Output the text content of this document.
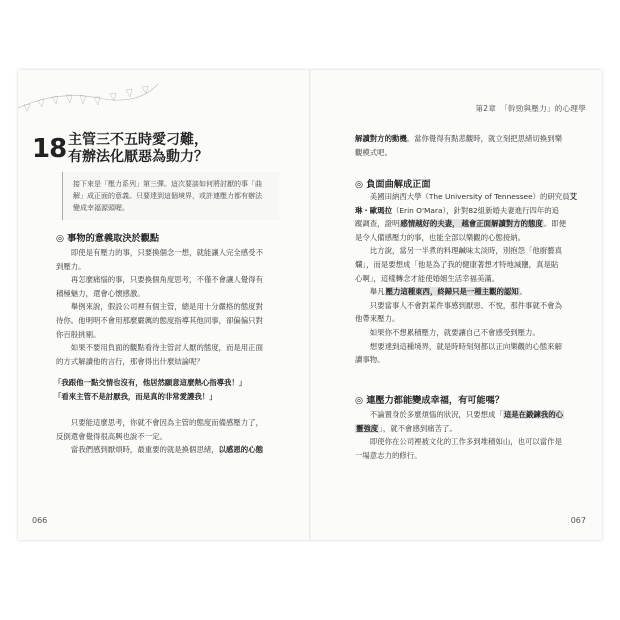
18 主管三不五時愛刁難，
有辦法化厭惡為動力？
接下來是「壓力系列」第三彈。這次要談如何將討厭的事「曲
解」成正面的意義。只要達到這個境界，或許連壓力都有辦法
變成幸福源頭喔。
◎ 事物的意義取決於觀點

即使是有壓力的事，只要換個念一想，就能讓人完全感受不

到壓力。

再怎麼痛惱的事，只要換個角度思考，不僅不會讓人覺得有

積極魅力，還會心懷感激。

舉例來說，假設公司裡有個主管，總是用十分嚴格的態度對

待你。他明明不會用那麼嚴厲的態度指導其他同事，卻偏偏只對

你百般挑剔。

如果不要用負面的觀點看待主管討人厭的態度，而是用正面

的方式解讀他的言行，那會得出什麼結論呢？

「我跟他一點交情也沒有，他居然願意這麼熱心指導我！」
「看來主管不是討厭我，而是真的非常愛護我！」

只要能這麼思考，你就不會因為主管的態度而備感壓力了，

反倒還會覺得很高興也說不一定。

當我們感到厭煩時，最重要的就是換個思緒，以感恩的心態

066
第2章　「幹勁與壓力」的心理學

解讀對方的動機。當你覺得有點悲觀時，就立刻把思緒切換到樂

觀模式吧。

◎ 負面曲解成正面

美國田納西大學（The University of Tennessee）的研究員艾

琳・歐瑪拉（Erin O'Mara），針對82組新婚夫妻進行四年的追

蹤調查，證明感情越好的夫妻， 越會正面解讀對方的態度。即便

是令人備感壓力的事，也能全部以樂觀的心態接納。

比方說，當另一半煮的料理鹹味太淡時，別抱怨「他廚藝真

爛」，而是要想成「他是為了我的健康著想才特地減鹽，真是貼

心啊」，這樣轉念才能使婚姻生活幸福美滿。

舉凡壓力這種東西，終歸只是一種主觀的認知。

只要當事人不會對某件事感到厭惡、不悅，那件事就不會為

他帶來壓力。

如果你不想累積壓力，就要讓自己不會感受到壓力。

想要達到這種境界，就是時時刻刻都以正向樂觀的心態來解

讀事物。

◎ 連壓力都能變成幸福，有可能嗎？

不論置身於多麼煩惱的狀況，只要想成「這是在鍛鍊我的心

靈強度」，就不會感到痛苦了。

即使你在公司裡被文化的工作多到堆積如山，也可以當作是

一場意志力的修行。

067
